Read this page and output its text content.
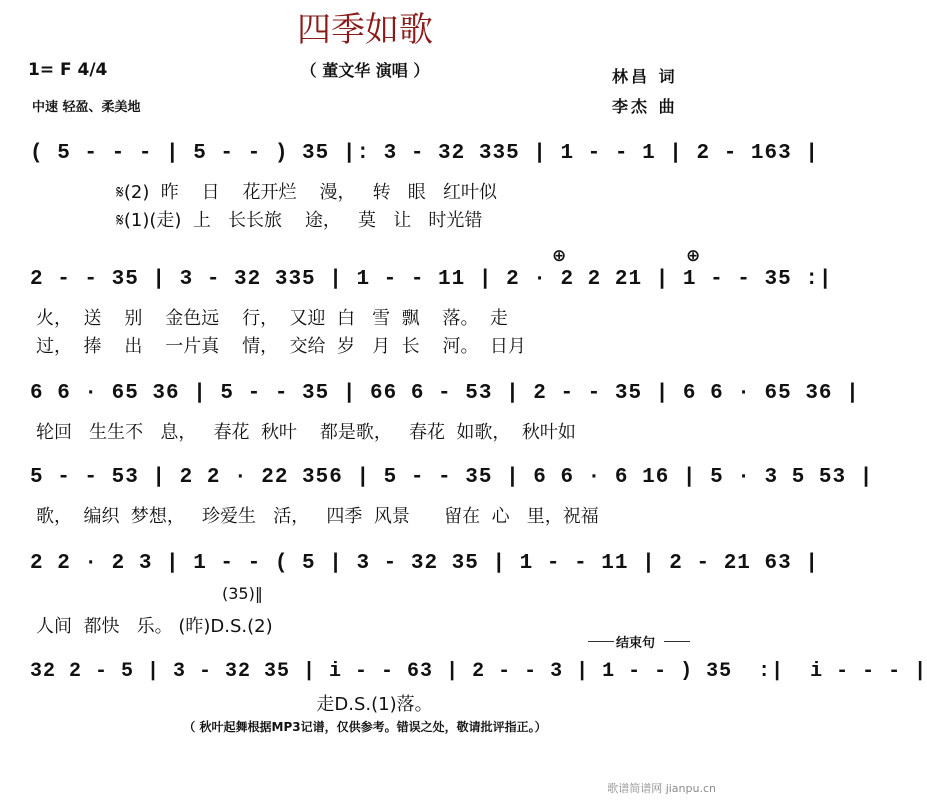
四季如歌
（ 董文华 演唱 ）
1= F 4/4
中速 轻盈、柔美地
林昌 词
李杰 曲
( 5 - - - | 5 - - ) 35 |: 3 - 32 335 | 1 - - 1 | 2 - 163 |
𝄋(2)  昨    日    花开烂    漫，   转   眼   红叶似
𝄋(1)(走)  上   长长旅    途，   莫   让   时光错
⊕	⊕
2 - - 35 | 3 - 32 335 | 1 - - 11 | 2 · 2 2 21 | 1 - - 35 :|
火，  送    别    金色远    行，  又迎  白   雪  飘    落。  走
过，  捧    出    一片真    情，  交给  岁   月  长    河。  日月
6 6 · 65 36 | 5 - - 35 | 66 6 - 53 | 2 - - 35 | 6 6 · 65 36 |
轮回   生生不   息，   春花  秋叶    都是歌，   春花  如歌，  秋叶如
5 - - 53 | 2 2 · 22 356 | 5 - - 35 | 6 6 · 6 16 | 5 · 3 5 53 |
歌，  编织  梦想，   珍爱生   活，   四季  风景      留在  心   里，祝福
2 2 · 2 3 | 1 - - ( 5 | 3 - 32 35 | 1 - - 11 | 2 - 21 63 |
(35)‖
人间  都快   乐。 (昨)D.S.(2)
结束句
32 2 - 5 | 3 - 32 35 | i - - 63 | 2 - - 3 | 1 - - ) 35  :|  i - - - |
走D.S.(1)落。
（ 秋叶起舞根据MP3记谱，仅供参考。错误之处，敬请批评指正。）
歌谱简谱网 jianpu.cn
